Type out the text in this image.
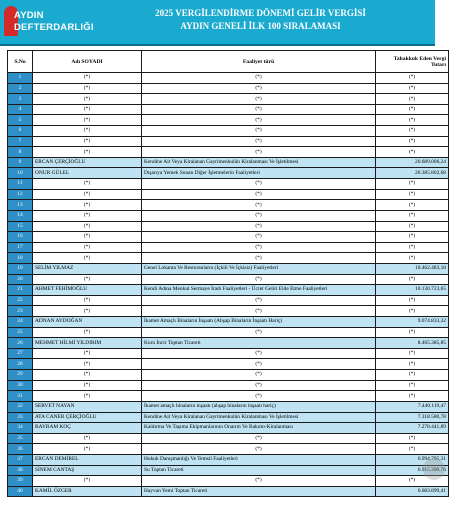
AYDIN
DEFTERDARLIĞI
2025 VERGİLENDİRME DÖNEMİ GELİR VERGİSİ
AYDIN GENELİ İLK 100 SIRALAMASI
S.No	Adı SOYADI	Faaliyet türü	Tahakkuk Eden Vergi Tutarı
1	(*)	(*)	(*)
2	(*)	(*)	(*)
3	(*)	(*)	(*)
4	(*)	(*)	(*)
5	(*)	(*)	(*)
6	(*)	(*)	(*)
7	(*)	(*)	(*)
8	(*)	(*)	(*)
9	ERCAN ÇERÇİOĞLU	Kendine Ait Veya Kiralanan Gayrimenkulün Kiralanması Ve İşletilmesi	20.689.006,24
10	ONUR GÜLEL	Dışarıya Yemek Sunan Diğer İşletmelerin Faaliyetleri	20.385.802,68
11	(*)	(*)	(*)
12	(*)	(*)	(*)
13	(*)	(*)	(*)
14	(*)	(*)	(*)
15	(*)	(*)	(*)
16	(*)	(*)	(*)
17	(*)	(*)	(*)
18	(*)	(*)	(*)
19	SELİM YILMAZ	Genel Lokanta Ve Restoranların (İçkili Ve İçkisiz) Faaliyetleri	10.462.483,18
20	(*)	(*)	(*)
21	AHMET FEHİMOĞLU	Kendi Adına Menkul Sermaye İradı Faaliyetleri - Ücret Geliri Elde Etme Faaliyetleri	10.130.723,65
22	(*)	(*)	(*)
23	(*)	(*)	(*)
24	ADNAN AYDOĞAN	İkamet Amaçlı Binaların İnşaatı (Ahşap Binaların İnşaatı Hariç)	9.074.833,32
25	(*)	(*)	(*)
26	MEHMET HİLMİ YILDIRIM	Kuru İncir Toptan Ticareti	8.465.385,85
27	(*)	(*)	(*)
28	(*)	(*)	(*)
29	(*)	(*)	(*)
30	(*)	(*)	(*)
31	(*)	(*)	(*)
32	SERVET NAYAN	İkamet amaçlı binaların inşaatı (ahşap binaların inşaatı hariç)	7.440.119,47
33	ATA CANER ÇERÇİOĞLU	Kendine Ait Veya Kiralanan Gayrimenkulün Kiralanması Ve İşletilmesi	7.318.580,78
34	BAYRAM KOÇ	Kaldırma Ve Taşıma Ekipmanlarının Onarım Ve Bakımı-Kiralanması	7.278.441,89
35	(*)	(*)	(*)
36	(*)	(*)	(*)
37	ERCAN DEMİREL	Hukuk Danışmanlığı Ve Temsil Faaliyetleri	6.994.795,31
38	SİNEM CANTAŞ	Su Toptan Ticareti	6.915.390,76
39	(*)	(*)	(*)
40	KAMİL ÖZGER	Hayvan Yemi Toptan Ticareti	6.683.899,41
